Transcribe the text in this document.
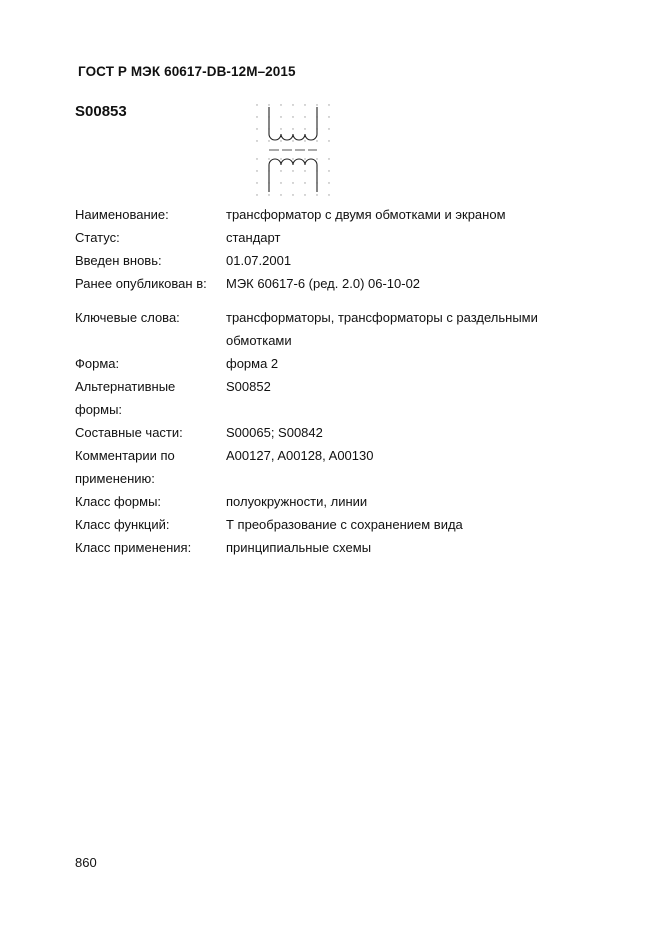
ГОСТ Р МЭК 60617-DB-12М–2015
S00853
Наименование:	трансформатор с двумя обмотками и экраном
Статус:	стандарт
Введен вновь:	01.07.2001
Ранее опубликован в:	МЭК 60617-6 (ред. 2.0) 06-10-02
Ключевые слова:	трансформаторы, трансформаторы с раздельными
обмотками
Форма:	форма 2
Альтернативные
формы:
S00852
Составные части:	S00065; S00842
Комментарии по
применению:
A00127, A00128, A00130
Класс формы:	полуокружности, линии
Класс функций:	Т преобразование с сохранением вида
Класс применения:	принципиальные схемы
860
